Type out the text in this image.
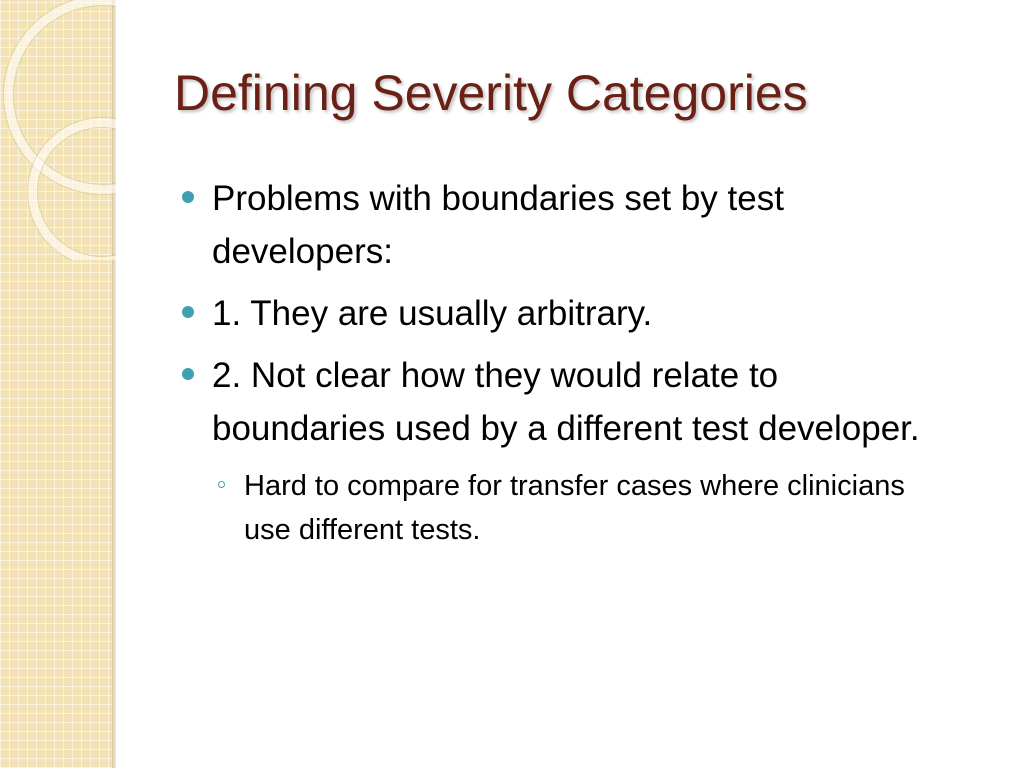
Defining Severity Categories
Problems with boundaries set by test developers:
1. They are usually arbitrary.
2. Not clear how they would relate to boundaries used by a different test developer.
Hard to compare for transfer cases where clinicians use different tests.
